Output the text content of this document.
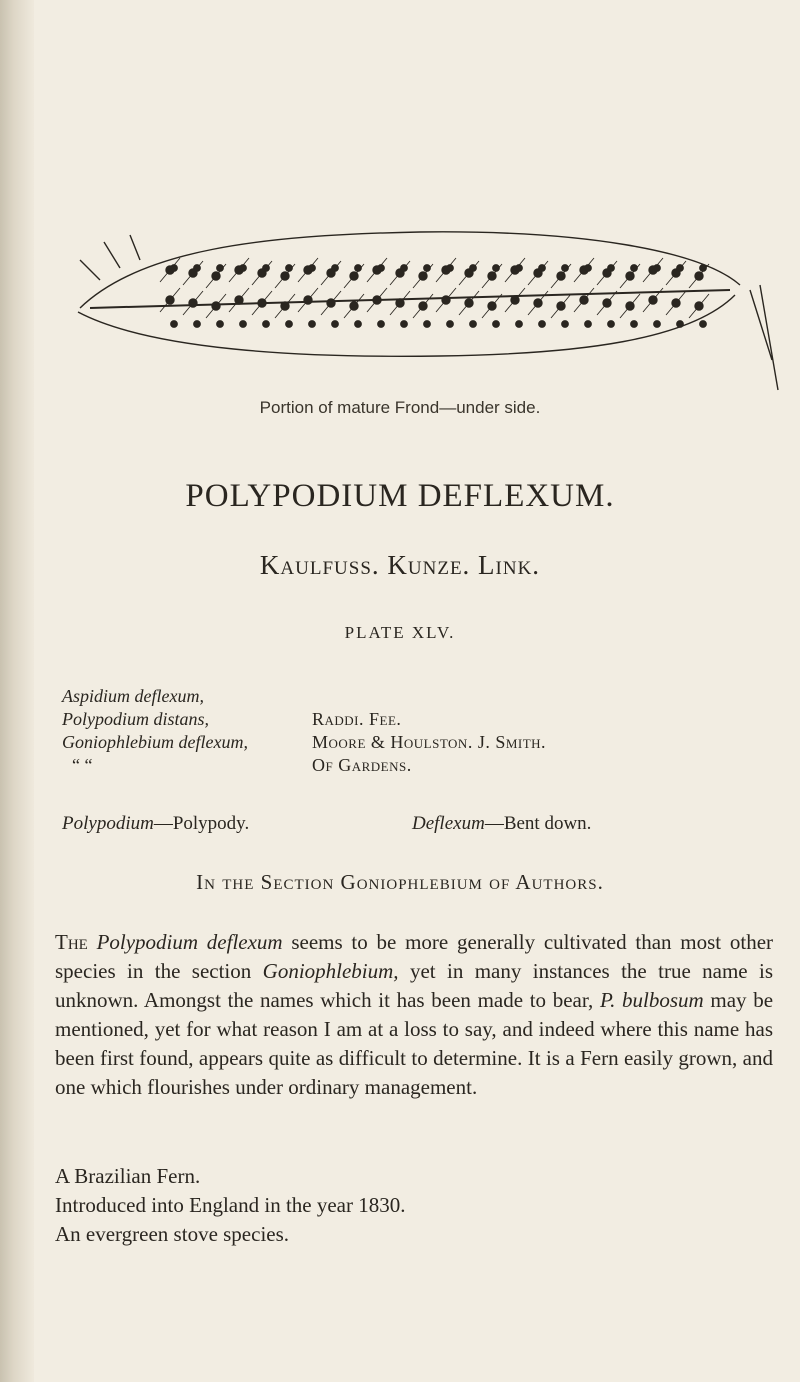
Portion of mature Frond—under side.
POLYPODIUM DEFLEXUM.
Kaulfuss. Kunze. Link.
PLATE XLV.
Aspidium deflexum,
Polypodium distans,
Goniophlebium deflexum,
“ “
Raddi. Fee.
Moore & Houlston. J. Smith.
Of Gardens.
Polypodium—Polypody.	Deflexum—Bent down.
In the Section Goniophlebium of Authors.

The Polypodium deflexum seems to be more generally cultivated than most other species in the section Goniophlebium, yet in many instances the true name is unknown. Amongst the names which it has been made to bear, P. bulbosum may be mentioned, yet for what reason I am at a loss to say, and indeed where this name has been first found, appears quite as difficult to determine. It is a Fern easily grown, and one which flourishes under ordinary management.

A Brazilian Fern.
Introduced into England in the year 1830.
An evergreen stove species.
